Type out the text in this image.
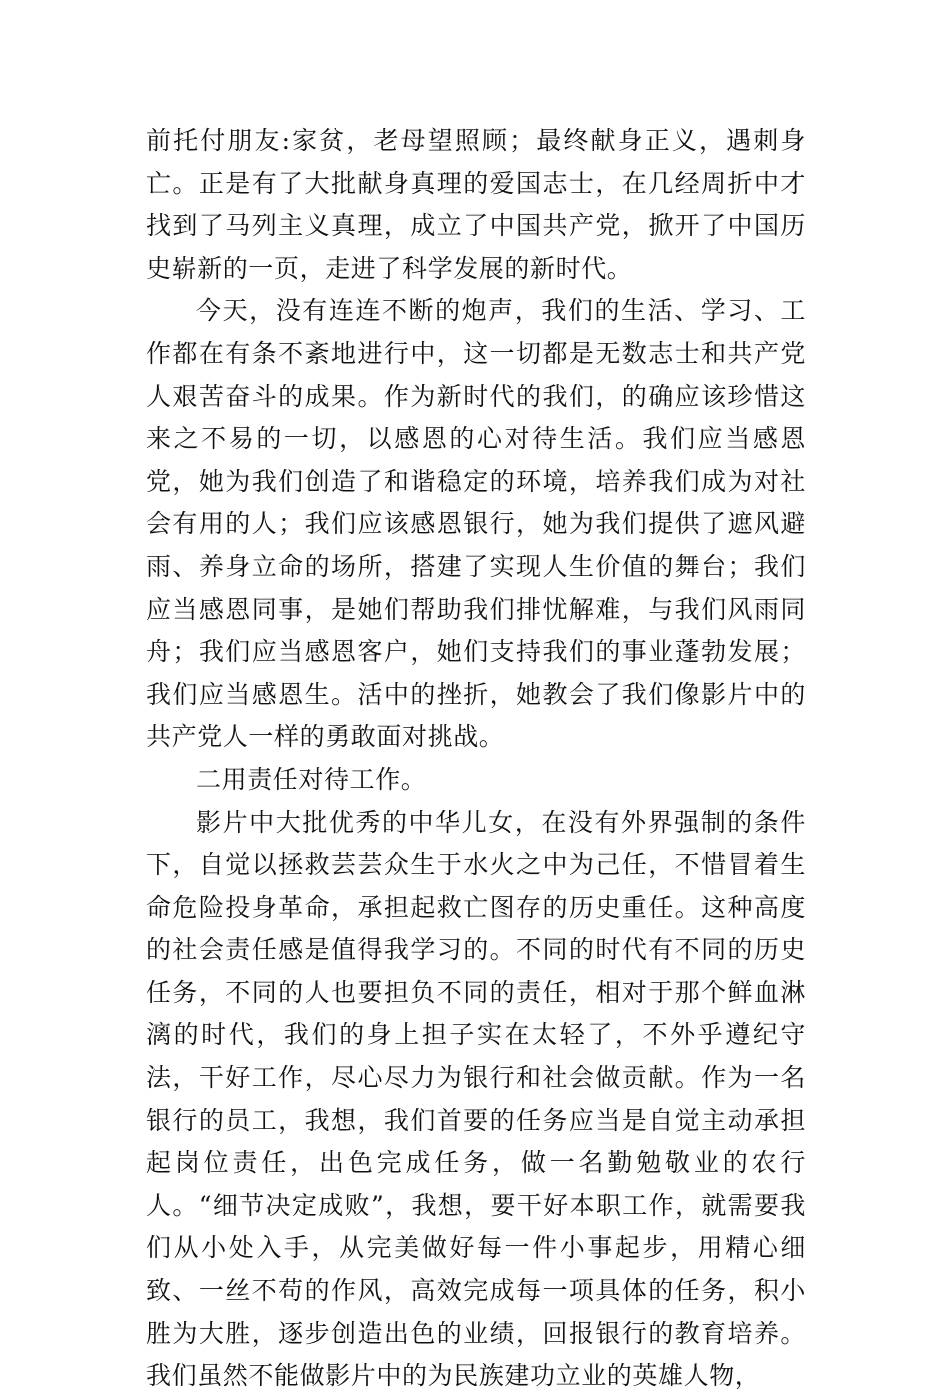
前托付朋友:家贫，老母望照顾；最终献身正义，遇刺身亡。正是有了大批献身真理的爱国志士，在几经周折中才找到了马列主义真理，成立了中国共产党，掀开了中国历史崭新的一页，走进了科学发展的新时代。

今天，没有连连不断的炮声，我们的生活、学习、工作都在有条不紊地进行中，这一切都是无数志士和共产党人艰苦奋斗的成果。作为新时代的我们，的确应该珍惜这来之不易的一切，以感恩的心对待生活。我们应当感恩党，她为我们创造了和谐稳定的环境，培养我们成为对社会有用的人；我们应该感恩银行，她为我们提供了遮风避雨、养身立命的场所，搭建了实现人生价值的舞台；我们应当感恩同事，是她们帮助我们排忧解难，与我们风雨同舟；我们应当感恩客户，她们支持我们的事业蓬勃发展；我们应当感恩生。活中的挫折，她教会了我们像影片中的共产党人一样的勇敢面对挑战。

二用责任对待工作。

影片中大批优秀的中华儿女，在没有外界强制的条件下，自觉以拯救芸芸众生于水火之中为己任，不惜冒着生命危险投身革命，承担起救亡图存的历史重任。这种高度的社会责任感是值得我学习的。不同的时代有不同的历史任务，不同的人也要担负不同的责任，相对于那个鲜血淋漓的时代，我们的身上担子实在太轻了，不外乎遵纪守法，干好工作，尽心尽力为银行和社会做贡献。作为一名银行的员工，我想，我们首要的任务应当是自觉主动承担起岗位责任，出色完成任务，做一名勤勉敬业的农行人。“细节决定成败”，我想，要干好本职工作，就需要我们从小处入手，从完美做好每一件小事起步，用精心细致、一丝不苟的作风，高效完成每一项具体的任务，积小胜为大胜，逐步创造出色的业绩，回报银行的教育培养。我们虽然不能做影片中的为民族建功立业的英雄人物，
